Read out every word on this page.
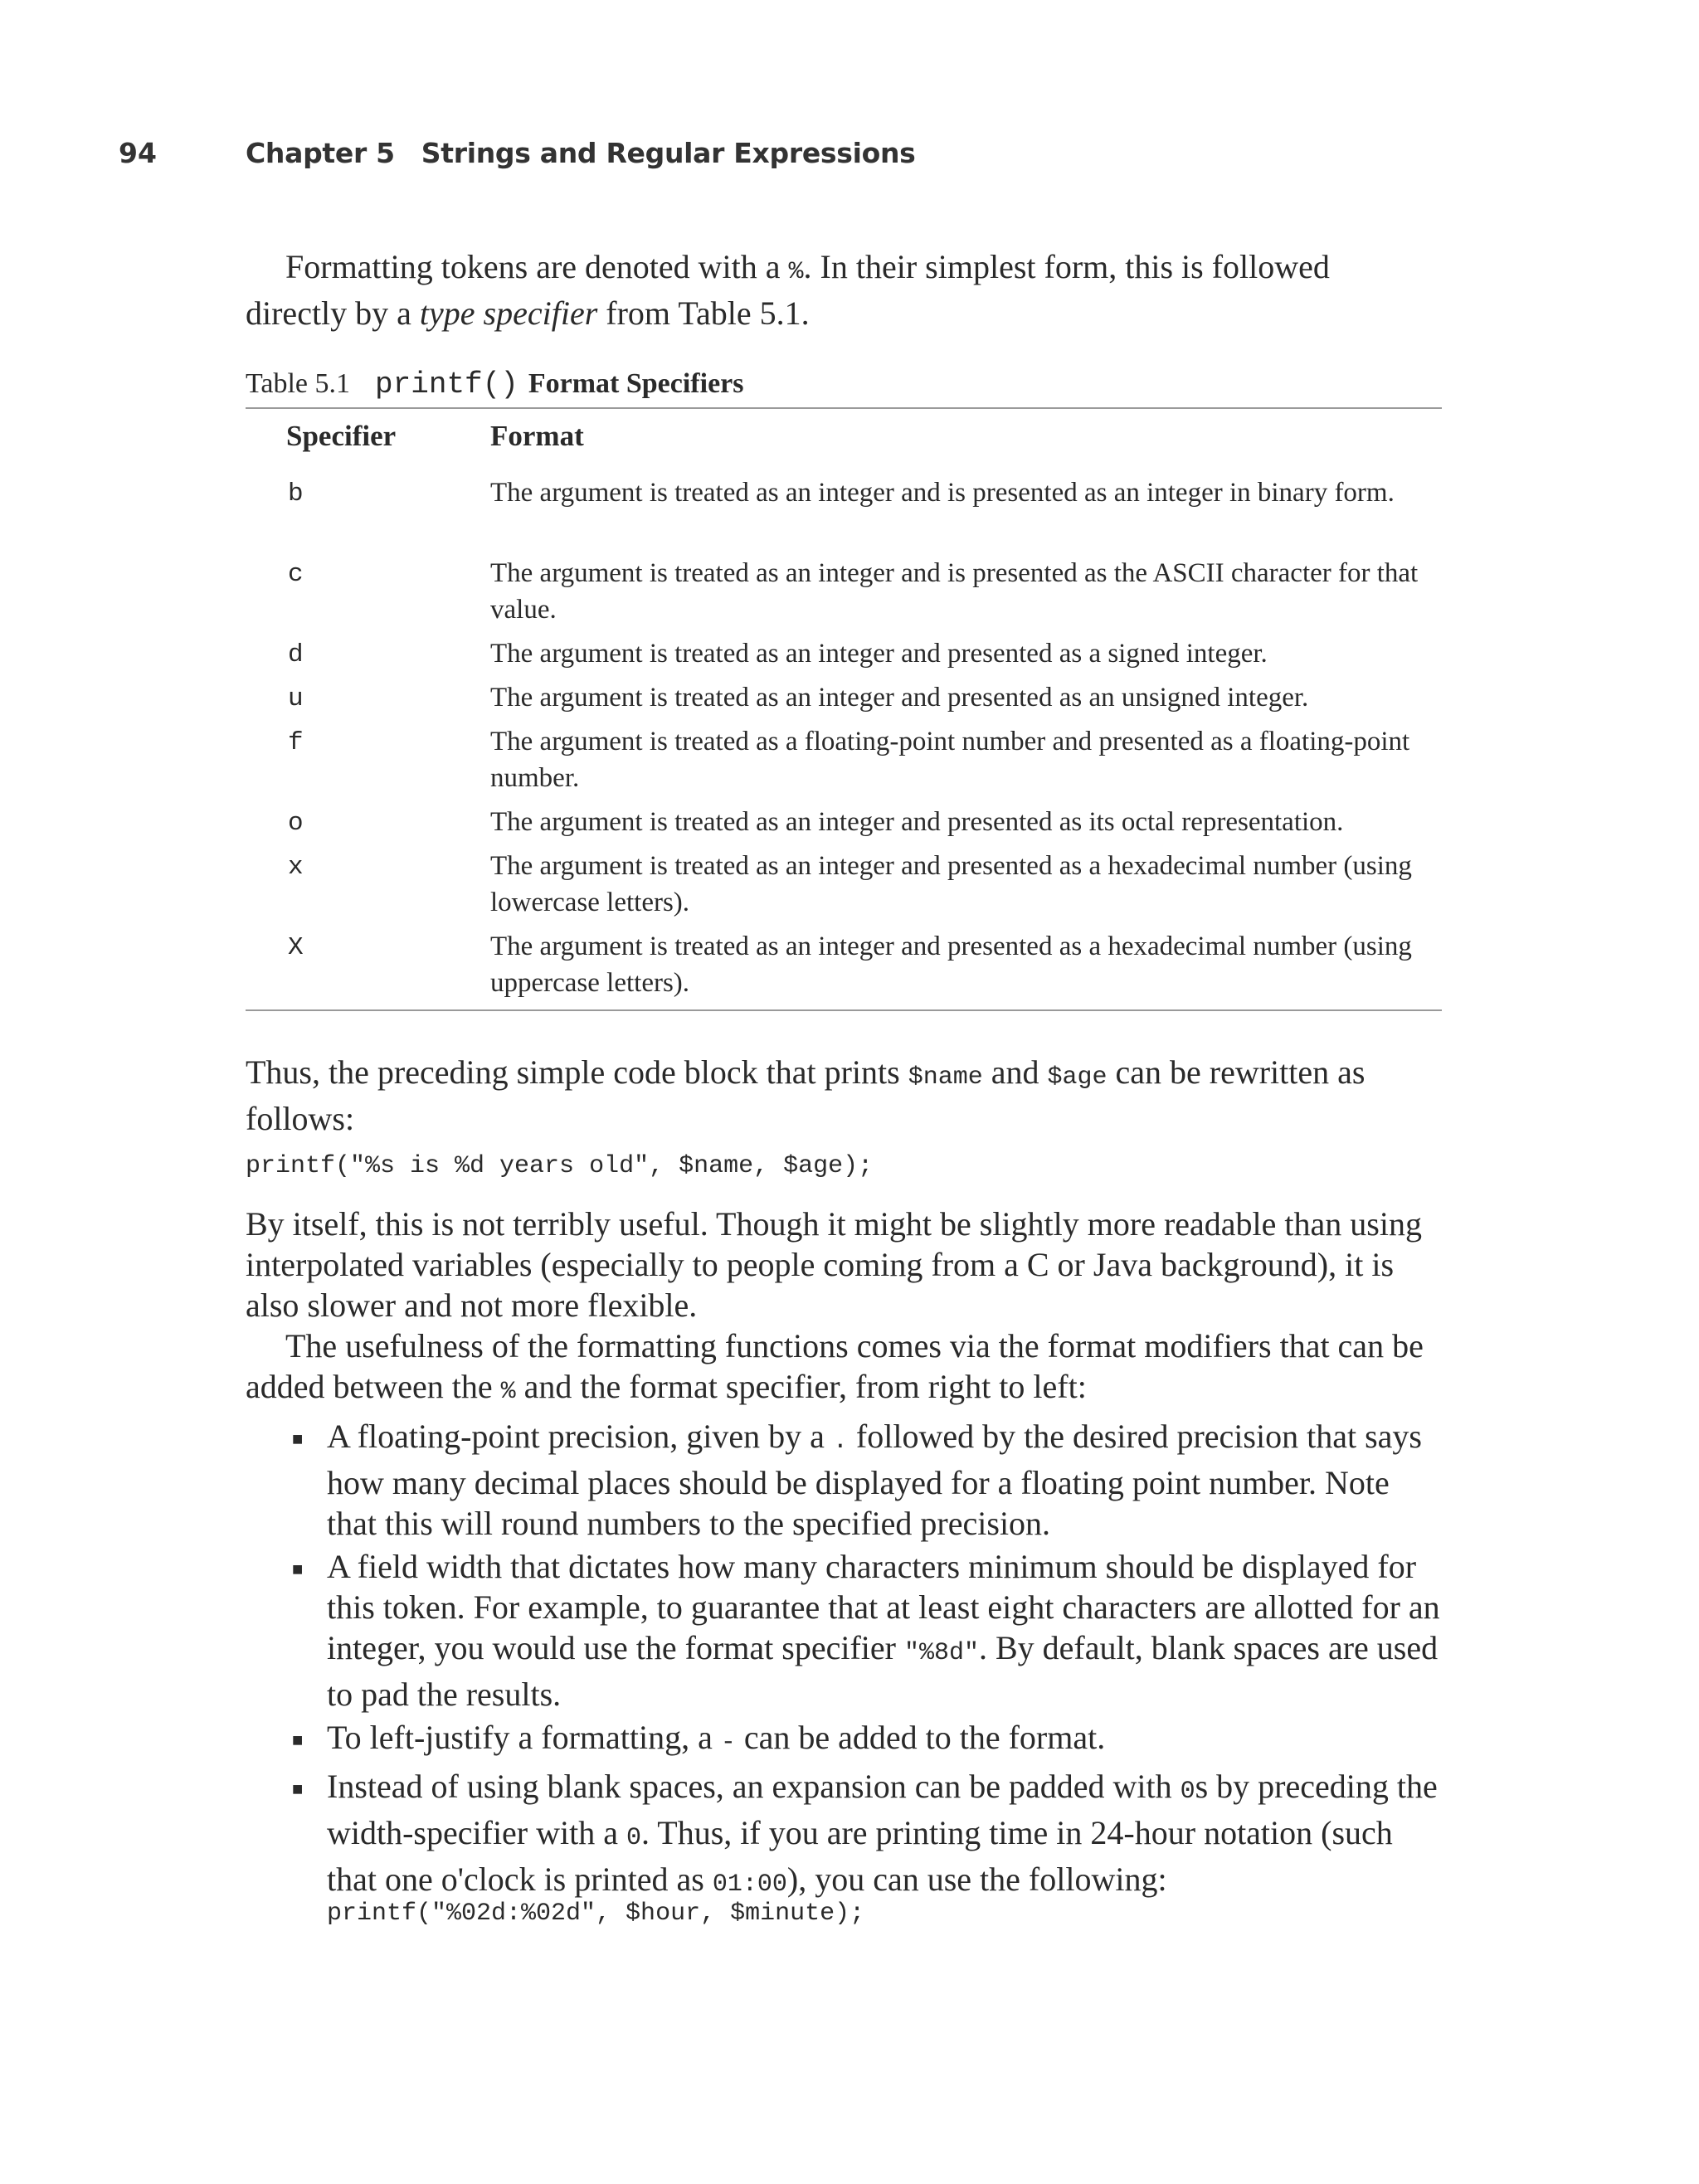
94	Chapter 5 Strings and Regular Expressions
Formatting tokens are denoted with a %. In their simplest form, this is followed directly by a type specifier from Table 5.1.
Table 5.1 printf() Format Specifiers
Specifier	Format
b	The argument is treated as an integer and is presented as an integer in binary form.
c	The argument is treated as an integer and is presented as the ASCII character for that value.
d	The argument is treated as an integer and presented as a signed integer.
u	The argument is treated as an integer and presented as an unsigned integer.
f	The argument is treated as a floating-point number and presented as a floating-point number.
o	The argument is treated as an integer and presented as its octal representation.
x	The argument is treated as an integer and presented as a hexadecimal number (using lowercase letters).
X	The argument is treated as an integer and presented as a hexadecimal number (using uppercase letters).
Thus, the preceding simple code block that prints $name and $age can be rewritten as follows:
printf("%s is %d years old", $name, $age);
By itself, this is not terribly useful. Though it might be slightly more readable than using interpolated variables (especially to people coming from a C or Java background), it is also slower and not more flexible.
The usefulness of the formatting functions comes via the format modifiers that can be added between the % and the format specifier, from right to left:
■ A floating-point precision, given by a . followed by the desired precision that says how many decimal places should be displayed for a floating point number. Note that this will round numbers to the specified precision.
■ A field width that dictates how many characters minimum should be displayed for this token. For example, to guarantee that at least eight characters are allotted for an integer, you would use the format specifier "%8d". By default, blank spaces are used to pad the results.
■ To left-justify a formatting, a - can be added to the format.
■ Instead of using blank spaces, an expansion can be padded with 0s by preceding the width-specifier with a 0. Thus, if you are printing time in 24-hour notation (such that one o'clock is printed as 01:00), you can use the following:
printf("%02d:%02d", $hour, $minute);
